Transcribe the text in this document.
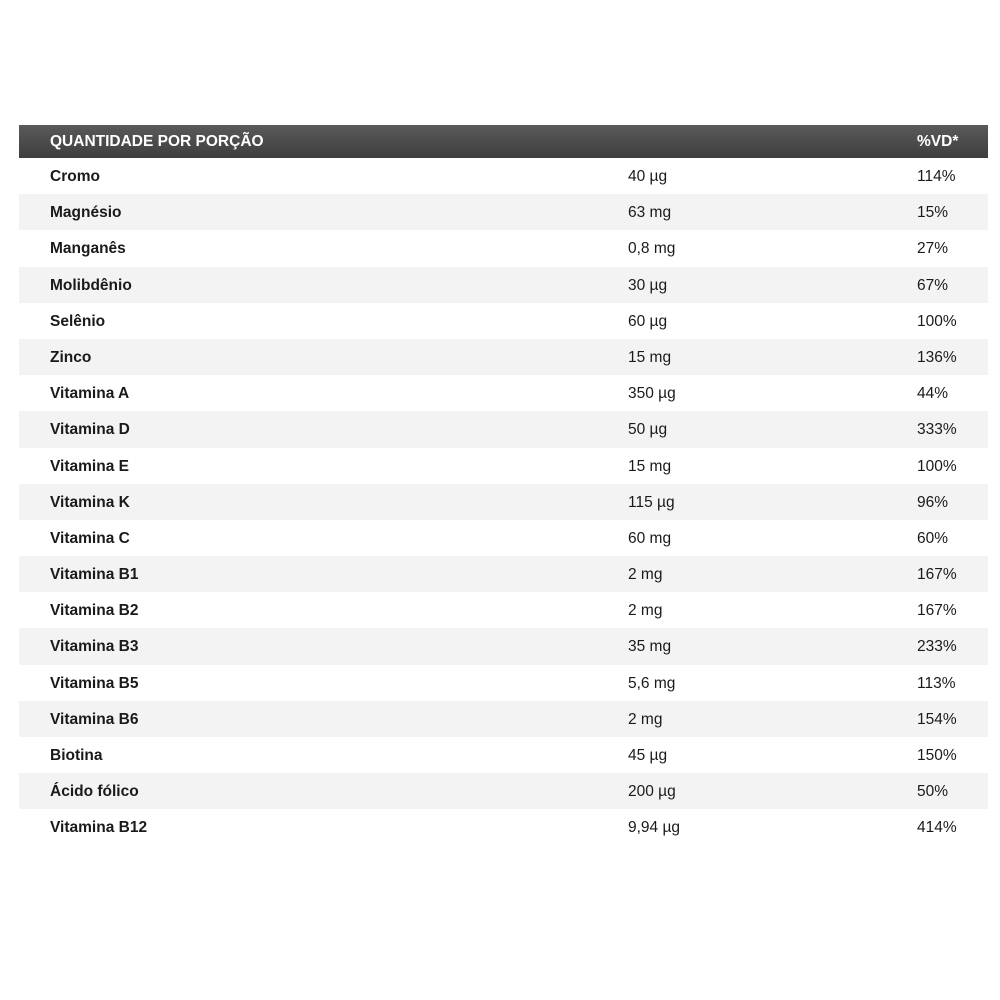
QUANTIDADE POR PORÇÃO	%VD*
Cromo	40 µg	114%
Magnésio	63 mg	15%
Manganês	0,8 mg	27%
Molibdênio	30 µg	67%
Selênio	60 µg	100%
Zinco	15 mg	136%
Vitamina A	350 µg	44%
Vitamina D	50 µg	333%
Vitamina E	15 mg	100%
Vitamina K	115 µg	96%
Vitamina C	60 mg	60%
Vitamina B1	2 mg	167%
Vitamina B2	2 mg	167%
Vitamina B3	35 mg	233%
Vitamina B5	5,6 mg	113%
Vitamina B6	2 mg	154%
Biotina	45 µg	150%
Ácido fólico	200 µg	50%
Vitamina B12	9,94 µg	414%
